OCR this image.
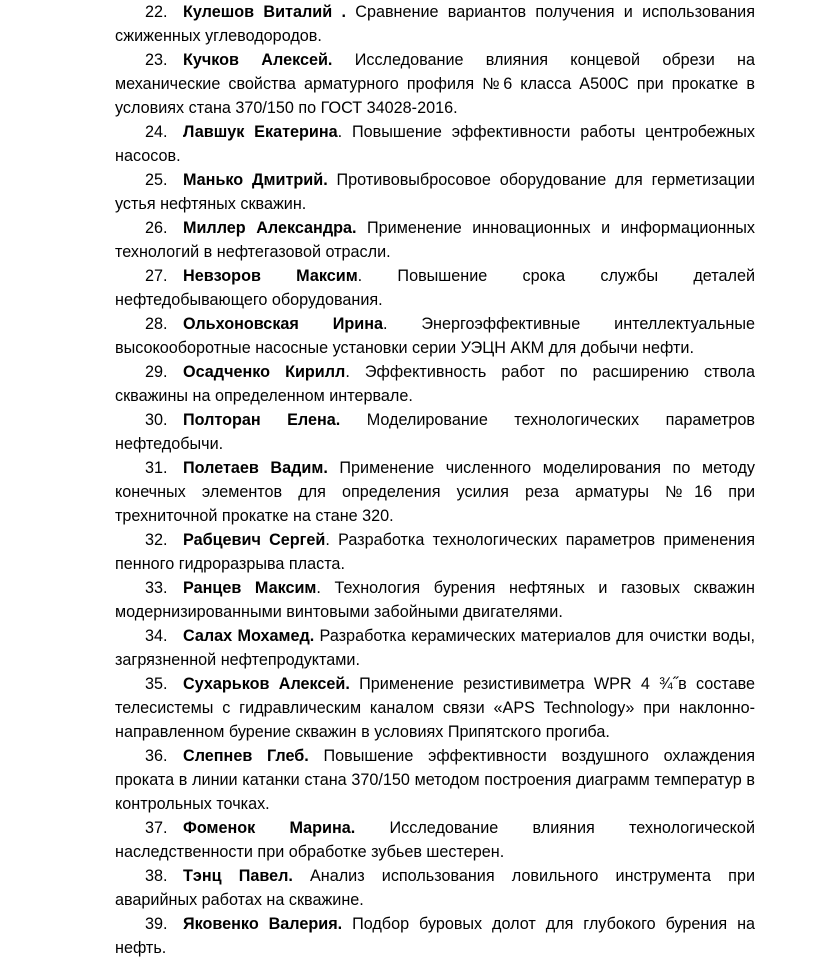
22. Кулешов Виталий . Сравнение вариантов получения и использования сжиженных углеводородов.

23. Кучков Алексей. Исследование влияния концевой обрези на механические свойства арматурного профиля №6 класса А500С при прокатке в условиях стана 370/150 по ГОСТ 34028-2016.

24. Лавшук Екатерина. Повышение эффективности работы центробежных насосов.

25. Манько Дмитрий. Противовыбросовое оборудование для герметизации устья нефтяных скважин.

26. Миллер Александра. Применение инновационных и информационных технологий в нефтегазовой отрасли.

27. Невзоров Максим. Повышение срока службы деталей нефтедобывающего оборудования.

28. Ольхоновская Ирина. Энергоэффективные интеллектуальные высокооборотные насосные установки серии УЭЦН АКМ для добычи нефти.

29. Осадченко Кирилл. Эффективность работ по расширению ствола скважины на определенном интервале.

30. Полторан Елена. Моделирование технологических параметров нефтедобычи.

31. Полетаев Вадим. Применение численного моделирования по методу конечных элементов для определения усилия реза арматуры №16 при трехниточной прокатке на стане 320.

32. Рабцевич Сергей. Разработка технологических параметров применения пенного гидроразрыва пласта.

33. Ранцев Максим. Технология бурения нефтяных и газовых скважин модернизированными винтовыми забойными двигателями.

34. Салах Мохамед. Разработка керамических материалов для очистки воды, загрязненной нефтепродуктами.

35. Сухарьков Алексей. Применение резистивиметра WPR 4 ¾˝в составе телесистемы с гидравлическим каналом связи «APS Technology» при наклонно-направленном бурение скважин в условиях Припятского прогиба.

36. Слепнев Глеб. Повышение эффективности воздушного охлаждения проката в линии катанки стана 370/150 методом построения диаграмм температур в контрольных точках.

37. Фоменок Марина. Исследование влияния технологической наследственности при обработке зубьев шестерен.

38. Тэнц Павел. Анализ использования ловильного инструмента при аварийных работах на скважине.

39. Яковенко Валерия. Подбор буровых долот для глубокого бурения на нефть.
